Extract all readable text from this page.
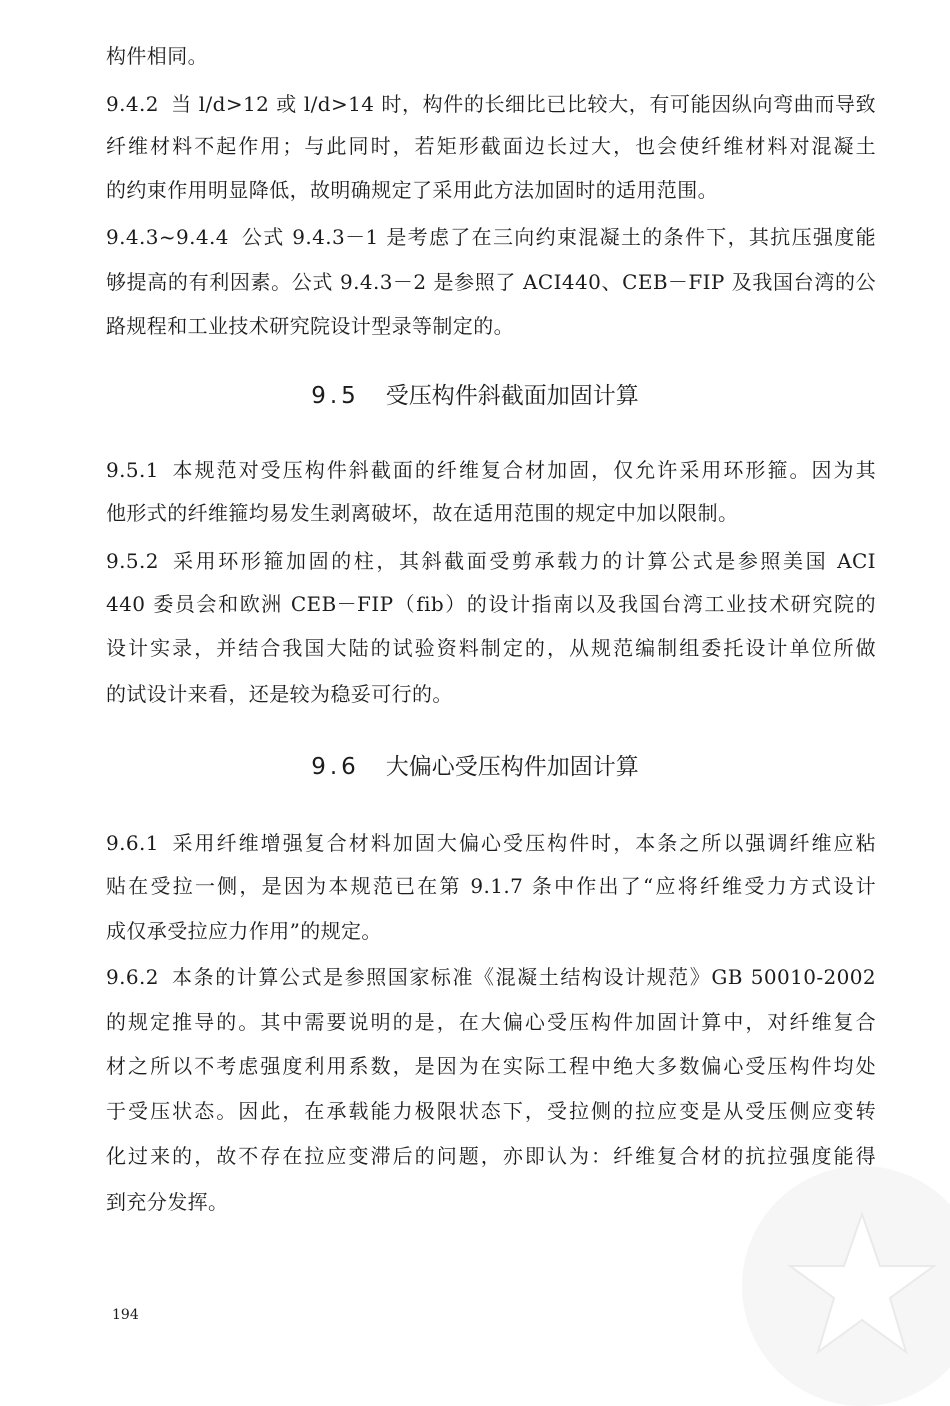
构件相同。
9.4.2 当 l/d>12 或 l/d>14 时，构件的长细比已比较大，有可能因纵向弯曲而导致
纤维材料不起作用；与此同时，若矩形截面边长过大，也会使纤维材料对混凝土
的约束作用明显降低，故明确规定了采用此方法加固时的适用范围。
9.4.3~9.4.4 公式 9.4.3－1 是考虑了在三向约束混凝土的条件下，其抗压强度能
够提高的有利因素。公式 9.4.3－2 是参照了 ACI440、CEB－FIP 及我国台湾的公
路规程和工业技术研究院设计型录等制定的。
9.5 受压构件斜截面加固计算
9.5.1 本规范对受压构件斜截面的纤维复合材加固，仅允许采用环形箍。因为其
他形式的纤维箍均易发生剥离破坏，故在适用范围的规定中加以限制。
9.5.2 采用环形箍加固的柱，其斜截面受剪承载力的计算公式是参照美国 ACI
440 委员会和欧洲 CEB－FIP（fib）的设计指南以及我国台湾工业技术研究院的
设计实录，并结合我国大陆的试验资料制定的，从规范编制组委托设计单位所做
的试设计来看，还是较为稳妥可行的。
9.6 大偏心受压构件加固计算
9.6.1 采用纤维增强复合材料加固大偏心受压构件时，本条之所以强调纤维应粘
贴在受拉一侧，是因为本规范已在第 9.1.7 条中作出了“应将纤维受力方式设计
成仅承受拉应力作用”的规定。
9.6.2 本条的计算公式是参照国家标准《混凝土结构设计规范》GB 50010-2002
的规定推导的。其中需要说明的是，在大偏心受压构件加固计算中，对纤维复合
材之所以不考虑强度利用系数，是因为在实际工程中绝大多数偏心受压构件均处
于受压状态。因此，在承载能力极限状态下，受拉侧的拉应变是从受压侧应变转
化过来的，故不存在拉应变滞后的问题，亦即认为：纤维复合材的抗拉强度能得
到充分发挥。
194
